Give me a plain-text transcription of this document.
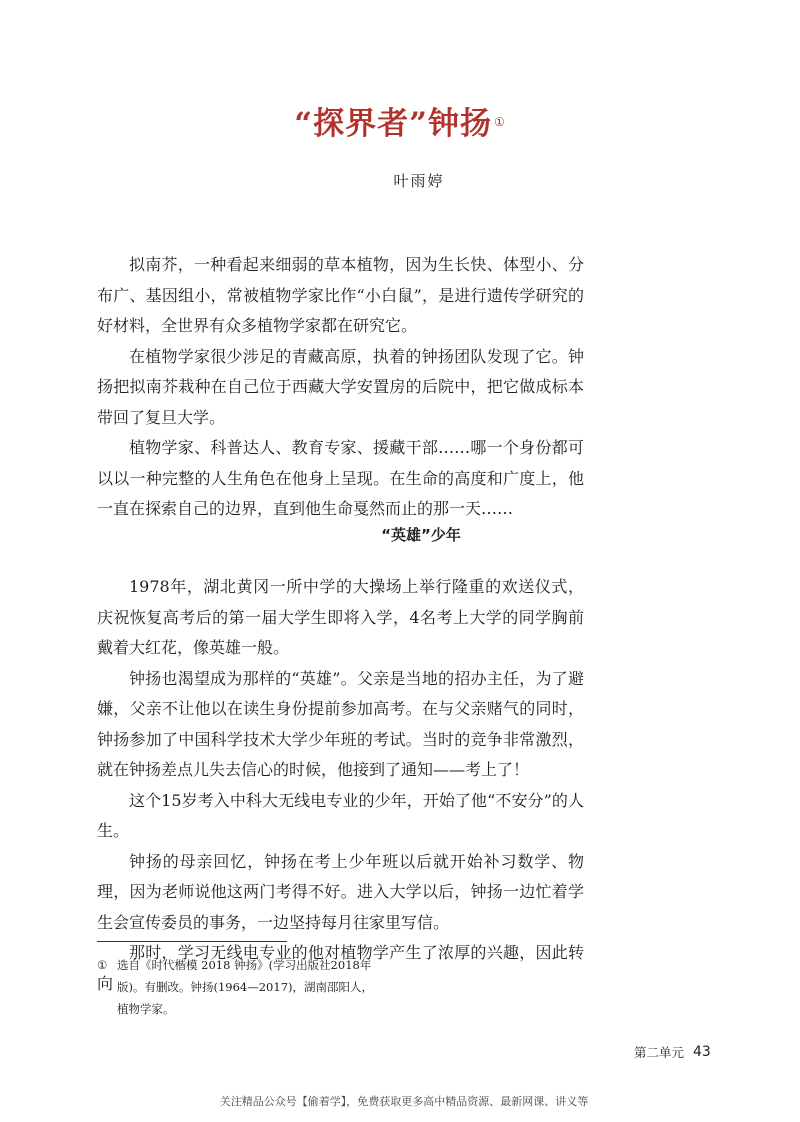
“探界者”钟扬 ①
叶雨婷

拟南芥，一种看起来细弱的草本植物，因为生长快、体型小、分布广、基因组小，常被植物学家比作“小白鼠”，是进行遗传学研究的好材料，全世界有众多植物学家都在研究它。

在植物学家很少涉足的青藏高原，执着的钟扬团队发现了它。钟扬把拟南芥栽种在自己位于西藏大学安置房的后院中，把它做成标本带回了复旦大学。

植物学家、科普达人、教育专家、援藏干部……哪一个身份都可以以一种完整的人生角色在他身上呈现。在生命的高度和广度上，他一直在探索自己的边界，直到他生命戛然而止的那一天……

“英雄”少年

1978年，湖北黄冈一所中学的大操场上举行隆重的欢送仪式，庆祝恢复高考后的第一届大学生即将入学，4名考上大学的同学胸前戴着大红花，像英雄一般。

钟扬也渴望成为那样的“英雄”。父亲是当地的招办主任，为了避嫌，父亲不让他以在读生身份提前参加高考。在与父亲赌气的同时，钟扬参加了中国科学技术大学少年班的考试。当时的竞争非常激烈，就在钟扬差点儿失去信心的时候，他接到了通知——考上了！

这个15岁考入中科大无线电专业的少年，开始了他“不安分”的人生。

钟扬的母亲回忆，钟扬在考上少年班以后就开始补习数学、物理，因为老师说他这两门考得不好。进入大学以后，钟扬一边忙着学生会宣传委员的事务，一边坚持每月往家里写信。

那时，学习无线电专业的他对植物学产生了浓厚的兴趣，因此转向

① 选自《时代楷模 2018 钟扬》(学习出版社2018年
版)。有删改。钟扬(1964—2017)，湖南邵阳人，
植物学家。
第二单元 43
关注精品公众号【偷着学】，免费获取更多高中精品资源、最新网课、讲义等
